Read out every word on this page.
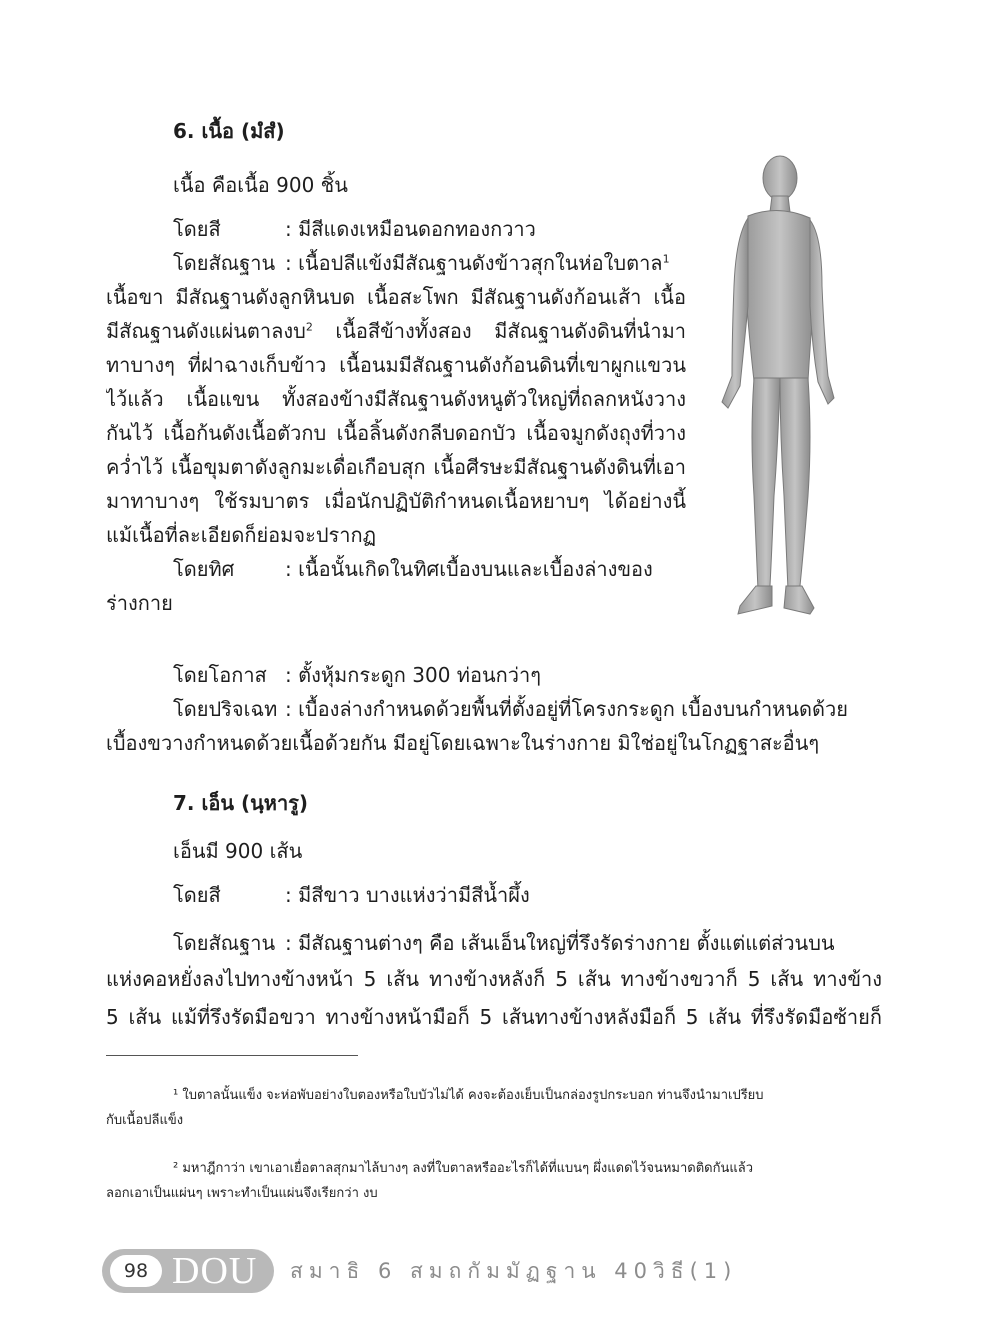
6. เนื้อ (มํสํ)
เนื้อ คือเนื้อ 900 ชิ้น
โดยสี	: มีสีแดงเหมือนดอกทองกวาว
โดยสัณฐาน : เนื้อปลีแข้งมีสัณฐานดังข้าวสุกในห่อใบตาล$^1$
เนื้อขา มีสัณฐานดังลูกหินบด เนื้อสะโพก มีสัณฐานดังก้อนเส้า เนื้อ
มีสัณฐานดังแผ่นตาลงบ$^2$ เนื้อสีข้างทั้งสอง มีสัณฐานดังดินที่นำมา
ทาบางๆ ที่ฝาฉางเก็บข้าว เนื้อนมมีสัณฐานดังก้อนดินที่เขาผูกแขวน
ไว้แล้ว เนื้อแขน ทั้งสองข้างมีสัณฐานดังหนูตัวใหญ่ที่ถลกหนังวาง
กันไว้ เนื้อก้นดังเนื้อตัวกบ เนื้อลิ้นดังกลีบดอกบัว เนื้อจมูกดังถุงที่วาง
คว่ำไว้ เนื้อขุมตาดังลูกมะเดื่อเกือบสุก เนื้อศีรษะมีสัณฐานดังดินที่เอา
มาทาบางๆ ใช้รมบาตร เมื่อนักปฏิบัติกำหนดเนื้อหยาบๆ ได้อย่างนี้
แม้เนื้อที่ละเอียดก็ย่อมจะปรากฏ
โดยทิศ	: เนื้อนั้นเกิดในทิศเบื้องบนและเบื้องล่างของ
ร่างกาย
โดยโอกาส : ตั้งหุ้มกระดูก 300 ท่อนกว่าๆ
โดยปริจเฉท : เบื้องล่างกำหนดด้วยพื้นที่ตั้งอยู่ที่โครงกระดูก เบื้องบนกำหนดด้วย
เบื้องขวางกำหนดด้วยเนื้อด้วยกัน มีอยู่โดยเฉพาะในร่างกาย มิใช่อยู่ในโกฏฐาสะอื่นๆ
7. เอ็น (นฺหารู)
เอ็นมี 900 เส้น
โดยสี	: มีสีขาว บางแห่งว่ามีสีน้ำผึ้ง
โดยสัณฐาน : มีสัณฐานต่างๆ คือ เส้นเอ็นใหญ่ที่รึงรัดร่างกาย ตั้งแต่แต่ส่วนบน
แห่งคอหยั่งลงไปทางข้างหน้า 5 เส้น ทางข้างหลังก็ 5 เส้น ทางข้างขวาก็ 5 เส้น ทางข้าง
5 เส้น แม้ที่รึงรัดมือขวา ทางข้างหน้ามือก็ 5 เส้นทางข้างหลังมือก็ 5 เส้น ที่รึงรัดมือซ้ายก็
¹ ใบตาลนั้นแข็ง จะห่อพับอย่างใบตองหรือใบบัวไม่ได้ คงจะต้องเย็บเป็นกล่องรูปกระบอก ท่านจึงนำมาเปรียบ
กับเนื้อปลีแข็ง
² มหาฎีกาว่า เขาเอาเยื่อตาลสุกมาไล้บางๆ ลงที่ใบตาลหรืออะไรก็ได้ที่แบนๆ ผึ่งแดดไว้จนหมาดติดกันแล้ว
ลอกเอาเป็นแผ่นๆ เพราะทำเป็นแผ่นจึงเรียกว่า งบ
98 DOU สมาธิ 6 สมถกัมมัฏฐาน 40วิธี(1)
